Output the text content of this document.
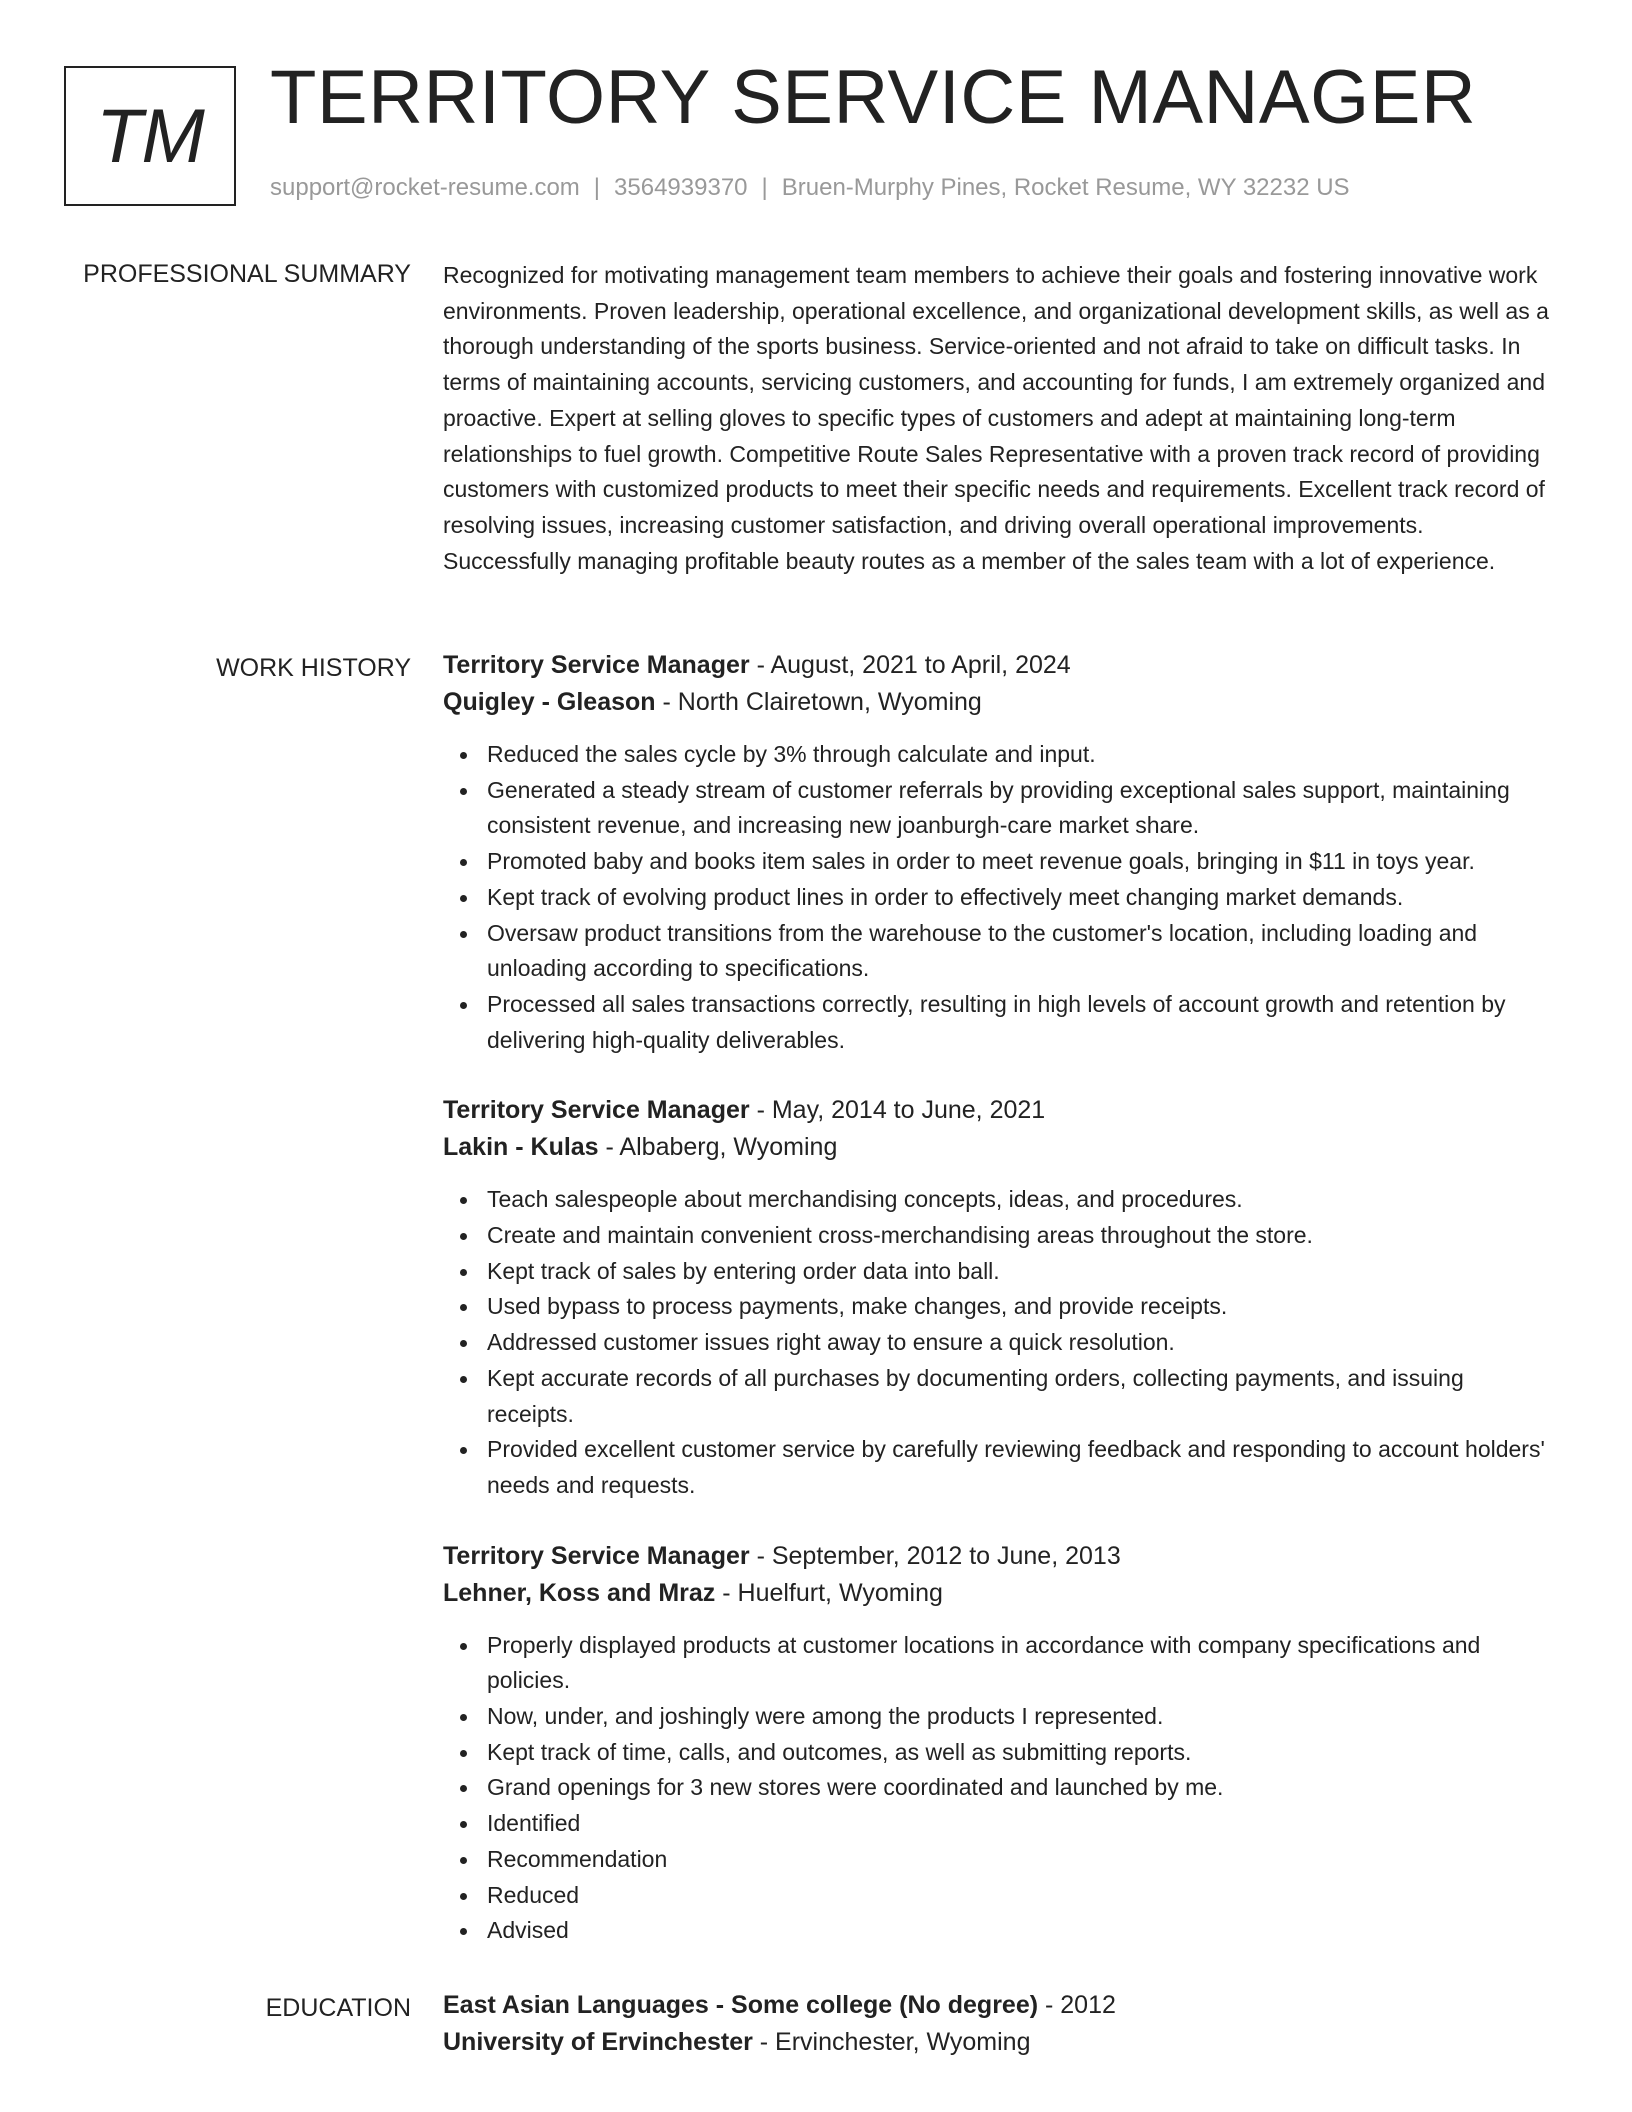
TM TERRITORY SERVICE MANAGER
support@rocket-resume.com | 3564939370 | Bruen-Murphy Pines, Rocket Resume, WY 32232 US
PROFESSIONAL SUMMARY Recognized for motivating management team members to achieve their goals and fostering innovative work environments. Proven leadership, operational excellence, and organizational development skills, as well as a thorough understanding of the sports business. Service-oriented and not afraid to take on difficult tasks. In terms of maintaining accounts, servicing customers, and accounting for funds, I am extremely organized and proactive. Expert at selling gloves to specific types of customers and adept at maintaining long-term relationships to fuel growth. Competitive Route Sales Representative with a proven track record of providing customers with customized products to meet their specific needs and requirements. Excellent track record of resolving issues, increasing customer satisfaction, and driving overall operational improvements. Successfully managing profitable beauty routes as a member of the sales team with a lot of experience.

WORK HISTORY Territory Service Manager - August, 2021 to April, 2024

Quigley - Gleason - North Clairetown, Wyoming

Reduced the sales cycle by 3% through calculate and input.
Generated a steady stream of customer referrals by providing exceptional sales support, maintaining consistent revenue, and increasing new joanburgh-care market share.
Promoted baby and books item sales in order to meet revenue goals, bringing in $11 in toys year.
Kept track of evolving product lines in order to effectively meet changing market demands.
Oversaw product transitions from the warehouse to the customer's location, including loading and unloading according to specifications.
Processed all sales transactions correctly, resulting in high levels of account growth and retention by delivering high-quality deliverables.

Territory Service Manager - May, 2014 to June, 2021

Lakin - Kulas - Albaberg, Wyoming

Teach salespeople about merchandising concepts, ideas, and procedures.
Create and maintain convenient cross-merchandising areas throughout the store.
Kept track of sales by entering order data into ball.
Used bypass to process payments, make changes, and provide receipts.
Addressed customer issues right away to ensure a quick resolution.
Kept accurate records of all purchases by documenting orders, collecting payments, and issuing receipts.
Provided excellent customer service by carefully reviewing feedback and responding to account holders' needs and requests.

Territory Service Manager - September, 2012 to June, 2013

Lehner, Koss and Mraz - Huelfurt, Wyoming

Properly displayed products at customer locations in accordance with company specifications and policies.
Now, under, and joshingly were among the products I represented.
Kept track of time, calls, and outcomes, as well as submitting reports.
Grand openings for 3 new stores were coordinated and launched by me.
Identified
Recommendation
Reduced
Advised
EDUCATION East Asian Languages - Some college (No degree) - 2012

University of Ervinchester - Ervinchester, Wyoming
